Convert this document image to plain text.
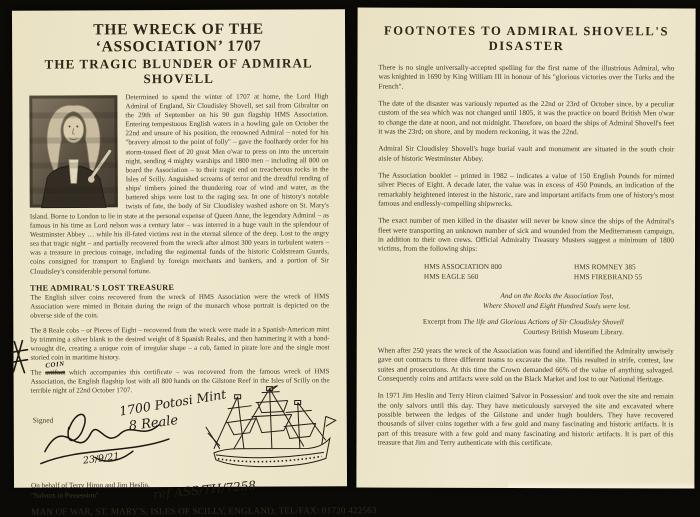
THE WRECK OF THE ‘ASSOCIATION’ 1707
THE TRAGIC BLUNDER OF ADMIRAL SHOVELL

Determined to spend the winter of 1707 at home, the Lord High Admiral of England, Sir Cloudisley Shovell, set sail from Gibraltar on the 29th of September on his 90 gun flagship HMS Association. Entering tempestuous English waters in a howling gale on October the 22nd and unsure of his position, the renowned Admiral – noted for his "bravery almost to the point of folly" – gave the foolhardy order for his storm-tossed fleet of 20 great Men o'war to press on into the uncertain night, sending 4 mighty warships and 1800 men – including all 800 on board the Association – to their tragic end on treacherous rocks in the Isles of Scilly. Anguished screams of terror and the dreadful rending of ships' timbers joined the thundering roar of wind and water, as the battered ships were lost to the raging sea. In one of history's notable twists of fate, the body of Sir Cloudisley washed ashore on St. Mary's Island. Borne to London to lie in state at the personal expense of Queen Anne, the legendary Admiral – as famous in his time as Lord nelson was a century later – was interred in a huge vault in the splendour of Westminster Abbey … while his ill-fated victims rest in the eternal silence of the deep. Lost to the angry sea that tragic night – and partially recovered from the wreck after almost 300 years in turbulent waters – was a treasure in precious coinage, including the regimental funds of the historic Coldstream Guards, coins consigned for transport to England by foreign merchants and bankers, and a portion of Sir Cloudisley's considerable personal fortune.

THE ADMIRAL'S LOST TREASURE

The English silver coins recovered from the wreck of HMS Association were the wreck of HMS Association were minted in Britain during the reign of the monarch whose portrait is depicted on the obverse side of the coin.

The 8 Reale cobs – or Pieces of Eight – recovered from the wreck were made in a Spanish-American mint by trimming a silver blank to the desired weight of 8 Spanish Reales, and then hammering it with a hand-wrought die, creating a unique coin of irregular shape – a cob, famed in pirate lore and the single most storied coin in maritime history.

The artifact
COIN
which accompanies this certificate – was recovered from the famous wreck of HMS Association, the English flagship lost with all 800 hands on the Gilstone Reef in the Isles of Scilly on the terrible night of 22nd October 1707.

Signed
1700 Potosi Mint
8 Reale
23/9/21
On behalf of Terry Hiron and Jim Heslin,
"Salvors in Possession"	ref ASS/TH/7258
MAN OF WAR, ST. MARY'S, ISLES OF SCILLY, ENGLAND, TEL/FAX: 01720 422563
FOOTNOTES TO ADMIRAL SHOVELL'S DISASTER

There is no single universally-accepted spelling for the first name of the illustrious Admiral, who was knighted in 1690 by King William III in honour of his "glorious victories over the Turks and the French".

The date of the disaster was variously reported as the 22nd or 23rd of October since, by a peculiar custom of the sea which was not changed until 1805, it was the practice on board British Men o'war to change the date at noon, and not midnight. Therefore, on board the ships of Admiral Shovell's feet it was the 23rd; on shore, and by modern reckoning, it was the 22nd.

Admiral Sir Cloudisley Shovell's huge burial vault and monument are situated in the south choir aisle of historic Westminster Abbey.

The Association booklet – printed in 1982 – indicates a value of 150 English Pounds for minted silver Pieces of Eight. A decade later, the value was in excess of 450 Pounds, an indication of the remarkably heightened interest in the historic, rare and important artifacts from one of history's most famous and endlessly-compelling shipwrecks.

The exact number of men killed in the disaster will never be know since the ships of the Admiral's fleet were transporting an unknown number of sick and wounded from the Mediterranean campaign, in addition to their own crews. Official Admiralty Treasury Musters suggest a minimum of 1800 victims, from the following ships:

HMS ASSOCIATION 800
HMS EAGLE 560
HMS ROMNEY 385
HMS FIREBRAND 55
And on the Rocks the Association Tost,
Where Shovell and Eight Hundred Souls were lost.
Excerpt from The life and Glorious Actions of Sir Cloudisley Shovell
Courtesy British Museum Library.

When after 250 years the wreck of the Association was found and identified the Admiralty unwisely gave out contracts to three different teams to excavate the site. This resulted in strife, contest, law suites and prosecutions. At this time the Crown demanded 66% of the value of anything salvaged. Consequently coins and artifacts were sold on the Black Market and lost to our National Heritage.

In 1971 Jim Heslin and Terry Hiron claimed 'Salvor in Possession' and took over the site and remain the only salvors until this day. They have meticulously surveyed the site and excavated where possible between the ledges of the Gilstone and under hugh boulders. They have recovered thousands of silver coins together with a few gold and many fascinating and historic artifacts. It is part of this treasure with a few gold and many fascinating and historic artifacts. It is part of this treasure that Jim and Terry authenticate with this certificate.
